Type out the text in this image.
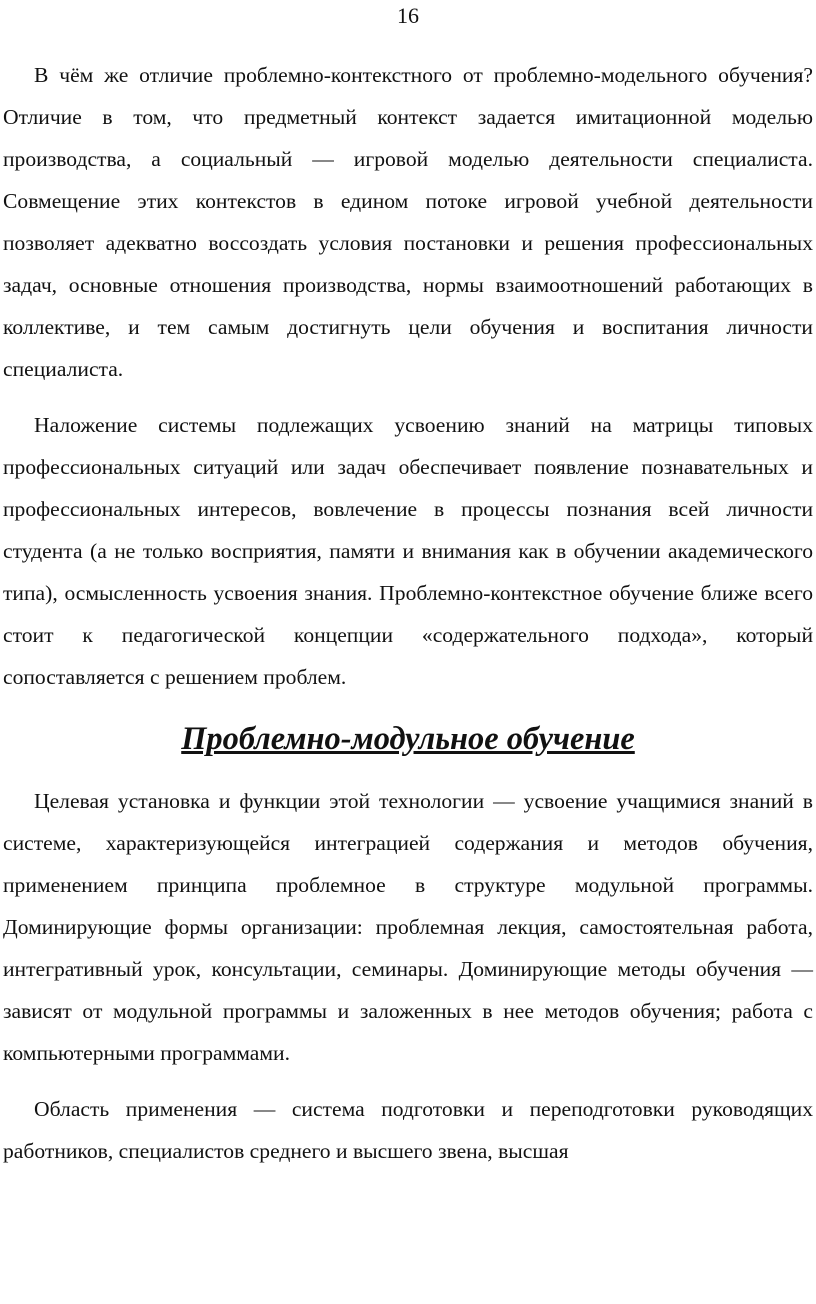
16

В чём же отличие проблемно-контекстного от проблемно-модельного обучения? Отличие в том, что предметный контекст задается имитационной моделью производства, а социальный — игровой моделью деятельности специалиста. Совмещение этих контекстов в едином потоке игровой учебной деятельности позволяет адекватно воссоздать условия постановки и решения профессиональных задач, основные отношения производства, нормы взаимоотношений работающих в коллективе, и тем самым достигнуть цели обучения и воспитания личности специалиста.

Наложение системы подлежащих усвоению знаний на матрицы типовых профессиональных ситуаций или задач обеспечивает появление познавательных и профессиональных интересов, вовлечение в процессы познания всей личности студента (а не только восприятия, памяти и внимания как в обучении академического типа), осмысленность усвоения знания. Проблемно-контекстное обучение ближе всего стоит к педагогической концепции «содержательного подхода», который сопоставляется с решением проблем.

Проблемно-модульное обучение

Целевая установка и функции этой технологии — усвоение учащимися знаний в системе, характеризующейся интеграцией содержания и методов обучения, применением принципа проблемное в структуре модульной программы. Доминирующие формы организации: проблемная лекция, самостоятельная работа, интегративный урок, консультации, семинары. Доминирующие методы обучения — зависят от модульной программы и заложенных в нее методов обучения; работа с компьютерными программами.

Область применения — система подготовки и переподготовки руководящих работников, специалистов среднего и высшего звена, высшая
